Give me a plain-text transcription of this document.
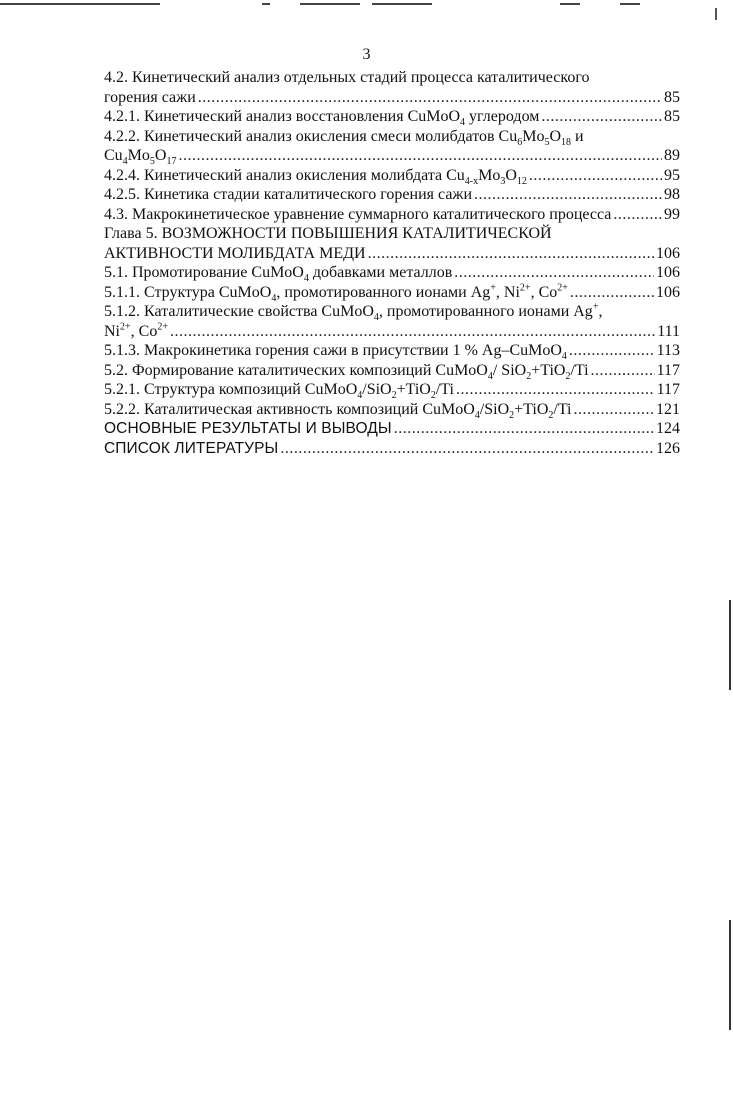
3
4.2. Кинетический анализ отдельных стадий процесса каталитического
горения сажи .....	85
4.2.1. Кинетический анализ восстановления CuMoO$_4$ углеродом .....	85
4.2.2. Кинетический анализ окисления смеси молибдатов $Cu_6Mo_5O_{18}$ и
$Cu_4Mo_5O_{17}$ .....	89
4.2.4. Кинетический анализ окисления молибдата $Cu_{4-x}Mo_3O_{12}$ .....	95
4.2.5. Кинетика стадии каталитического горения сажи .....	98
4.3. Макрокинетическое уравнение суммарного каталитического процесса .....	99
Глава 5. ВОЗМОЖНОСТИ ПОВЫШЕНИЯ КАТАЛИТИЧЕСКОЙ
АКТИВНОСТИ МОЛИБДАТА МЕДИ .....	106
5.1. Промотирование CuMoO$_4$ добавками металлов .....	106
5.1.1. Структура CuMoO$_4$, промотированного ионами Ag+, $Ni^{2+}$, $Co^{2+}$ .....	106
5.1.2. Каталитические свойства CuMoO$_4$, промотированного ионами Ag+,
$Ni^{2+}$, $Co^{2+}$ .....	111
5.1.3. Макрокинетика горения сажи в присутствии 1 % Ag–CuMoO$_4$ .....	113
5.2. Формирование каталитических композиций CuMoO$_4$/ SiO$_2$+TiO$_2$/Ti .....	117
5.2.1. Структура композиций CuMoO$_4$/SiO$_2$+TiO$_2$/Ti .....	117
5.2.2. Каталитическая активность композиций CuMoO$_4$/SiO$_2$+TiO$_2$/Ti .....	121
ОСНОВНЫЕ РЕЗУЛЬТАТЫ И ВЫВОДЫ .....	124
СПИСОК ЛИТЕРАТУРЫ .....	126
